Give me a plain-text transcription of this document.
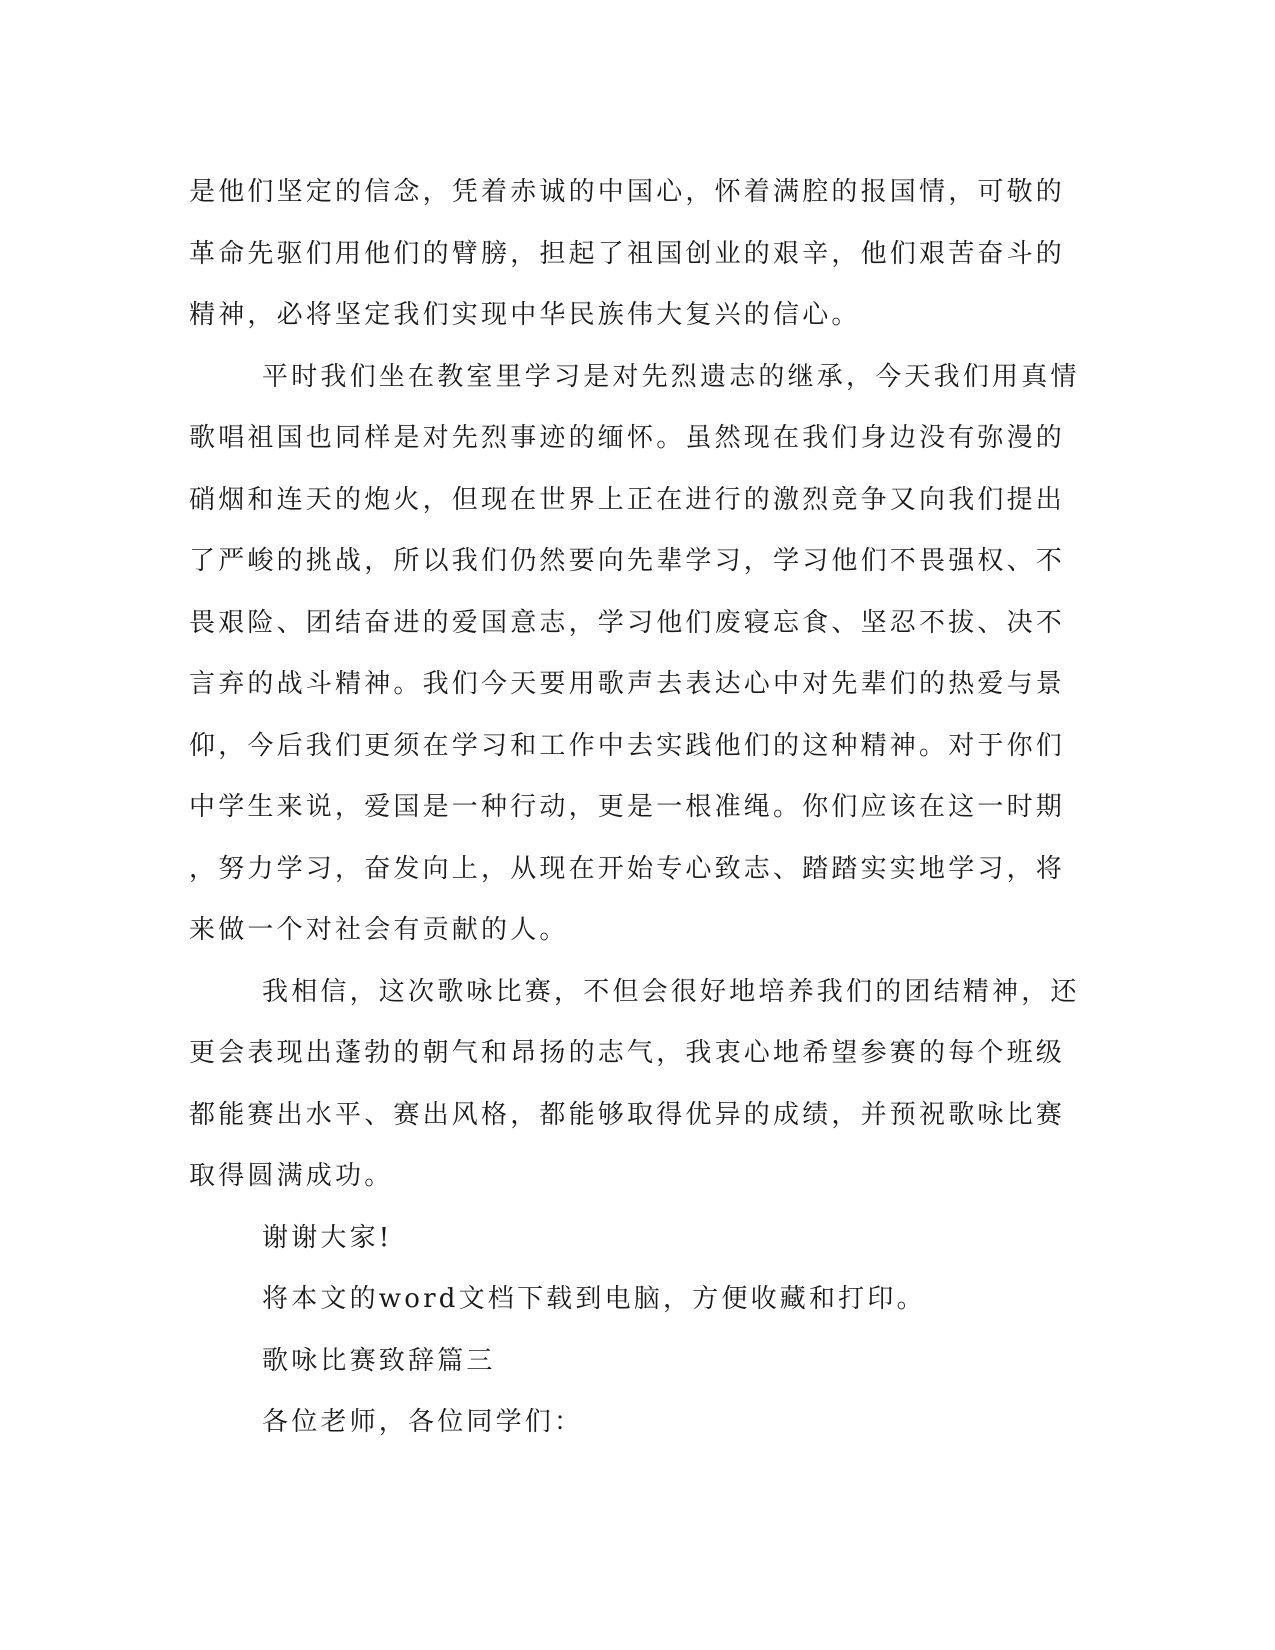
是他们坚定的信念，凭着赤诚的中国心，怀着满腔的报国情，可敬的
革命先驱们用他们的臂膀，担起了祖国创业的艰辛，他们艰苦奋斗的
精神，必将坚定我们实现中华民族伟大复兴的信心。
平时我们坐在教室里学习是对先烈遗志的继承，今天我们用真情
歌唱祖国也同样是对先烈事迹的缅怀。虽然现在我们身边没有弥漫的
硝烟和连天的炮火，但现在世界上正在进行的激烈竞争又向我们提出
了严峻的挑战，所以我们仍然要向先辈学习，学习他们不畏强权、不
畏艰险、团结奋进的爱国意志，学习他们废寝忘食、坚忍不拔、决不
言弃的战斗精神。我们今天要用歌声去表达心中对先辈们的热爱与景
仰，今后我们更须在学习和工作中去实践他们的这种精神。对于你们
中学生来说，爱国是一种行动，更是一根准绳。你们应该在这一时期
，努力学习，奋发向上，从现在开始专心致志、踏踏实实地学习，将
来做一个对社会有贡献的人。
我相信，这次歌咏比赛，不但会很好地培养我们的团结精神，还
更会表现出蓬勃的朝气和昂扬的志气，我衷心地希望参赛的每个班级
都能赛出水平、赛出风格，都能够取得优异的成绩，并预祝歌咏比赛
取得圆满成功。
谢谢大家!
将本文的word文档下载到电脑，方便收藏和打印。
歌咏比赛致辞篇三
各位老师，各位同学们：
